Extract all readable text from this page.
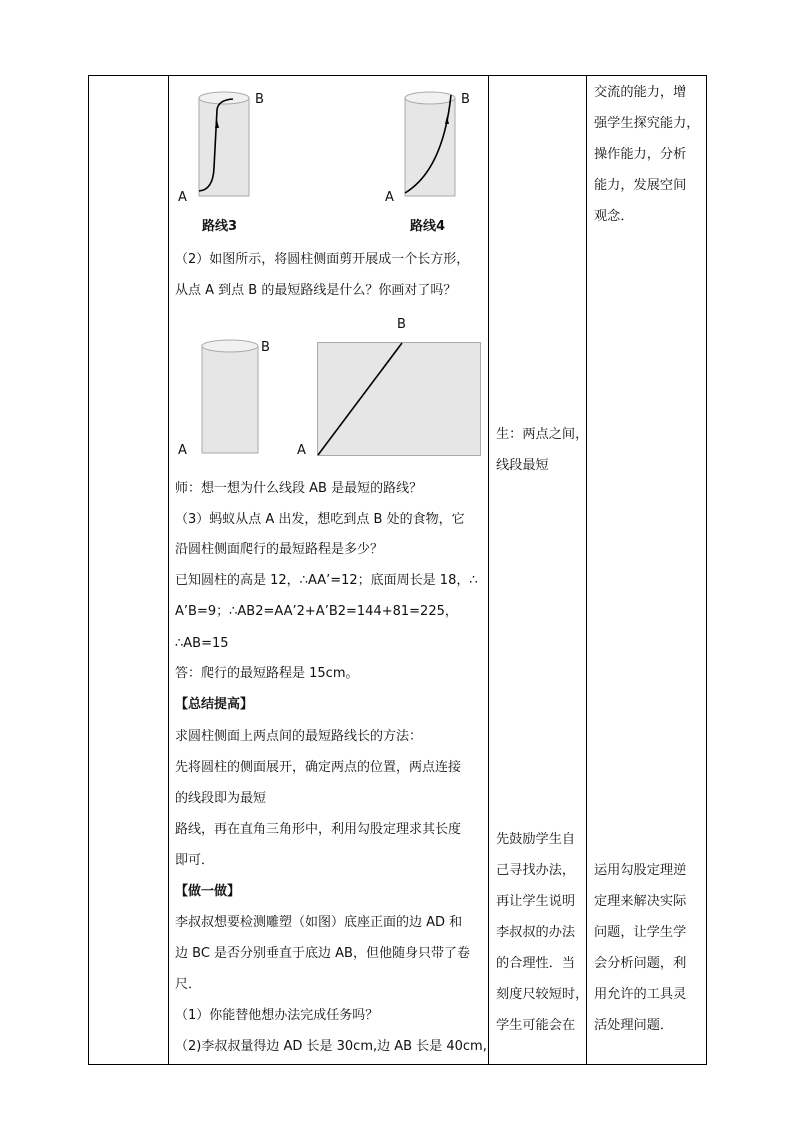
A
B
路线3
A
B
路线4
（2）如图所示，将圆柱侧面剪开展成一个长方形，
从点 A 到点 B 的最短路线是什么？你画对了吗？
A
B
A
B
师：想一想为什么线段 AB 是最短的路线？
（3）蚂蚁从点 A 出发，想吃到点 B 处的食物，它
沿圆柱侧面爬行的最短路程是多少？
已知圆柱的高是 12，∴AA’=12；底面周长是 18，∴
A’B=9；∴AB2=AA’2+A’B2=144+81=225，
∴AB=15
答：爬行的最短路程是 15cm。
【总结提高】
求圆柱侧面上两点间的最短路线长的方法：
先将圆柱的侧面展开，确定两点的位置，两点连接
的线段即为最短
路线，再在直角三角形中，利用勾股定理求其长度
即可．
【做一做】
李叔叔想要检测雕塑（如图）底座正面的边 AD 和
边 BC 是否分别垂直于底边 AB，但他随身只带了卷
尺．
（1）你能替他想办法完成任务吗？
（2)李叔叔量得边 AD 长是 30cm,边 AB 长是 40cm,
生：两点之间，
线段最短
先鼓励学生自
己寻找办法，
再让学生说明
李叔叔的办法
的合理性．当
刻度尺较短时，
学生可能会在
交流的能力，增
强学生探究能力，
操作能力，分析
能力，发展空间
观念．
运用勾股定理逆
定理来解决实际
问题，让学生学
会分析问题，利
用允许的工具灵
活处理问题．
